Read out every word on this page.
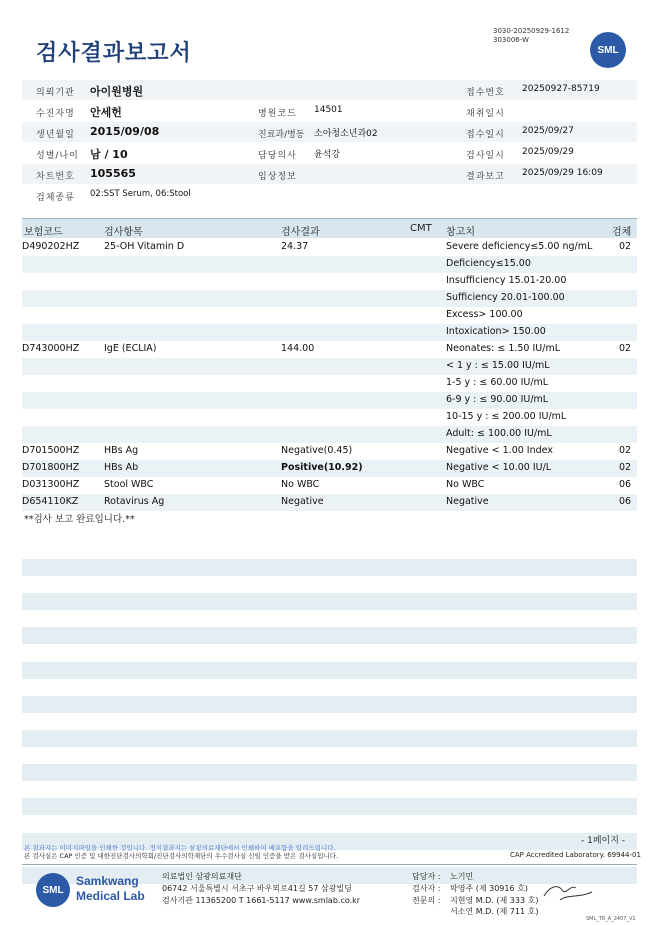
검사결과보고서
3030-20250929-1612
303006-W
SML
의뢰기관 아이원병원	접수번호 20250927-85719
수진자명 안세헌	병원코드 14501	채취일시
생년월일 2015/09/08	진료과/병동 소아청소년과02	접수일시 2025/09/27
성별/나이 남 / 10	담당의사 윤석강	검사일시 2025/09/29
차트번호 105565	임상정보	결과보고 2025/09/29 16:09
검체종류 02:SST Serum, 06:Stool
보험코드	검사항목	검사결과	CMT 참고치	검체
D490202HZ	25-OH Vitamin D	24.37	Severe deficiency≤5.00 ng/mL	02
Deficiency≤15.00
Insufficiency 15.01-20.00
Sufficiency 20.01-100.00
Excess> 100.00
Intoxication> 150.00
D743000HZ	IgE (ECLIA)	144.00	Neonates: ≤ 1.50 IU/mL	02
< 1 y : ≤ 15.00 IU/mL
1-5 y : ≤ 60.00 IU/mL
6-9 y : ≤ 90.00 IU/mL
10-15 y : ≤ 200.00 IU/mL
Adult: ≤ 100.00 IU/mL
D701500HZ	HBs Ag	Negative(0.45)	Negative < 1.00 Index	02
D701800HZ	HBs Ab	Positive(10.92)	Negative < 10.00 IU/L	02
D031300HZ	Stool WBC	No WBC	No WBC	06
D654110KZ	Rotavirus Ag	Negative	Negative	06
**검사 보고 완료입니다.**
- 1페이지 -
본 결과지는 이미지파일을 인쇄한 것입니다. 정식결과지는 삼광의료재단에서 인쇄하여 배포함을 알려드립니다.
본 검사실은 CAP 인증 및 대한진단검사의학회/진단검사의학재단의 우수검사실 신임 인증을 받은 검사실입니다.	CAP Accredited Laboratory. 69944-01
SML
Samkwang
Medical Lab
의료법인 삼광의료재단
06742 서울특별시 서초구 바우뫼로41길 57 삼광빌딩
검사기관 11365200 T 1661-5117 www.smlab.co.kr
담당자 : 노기민
검사자 : 박영주 (제 30916 호)
전문의 : 지현영 M.D. (제 333 호)
서소연 M.D. (제 711 호)
SML_TR_A_2407_V1
